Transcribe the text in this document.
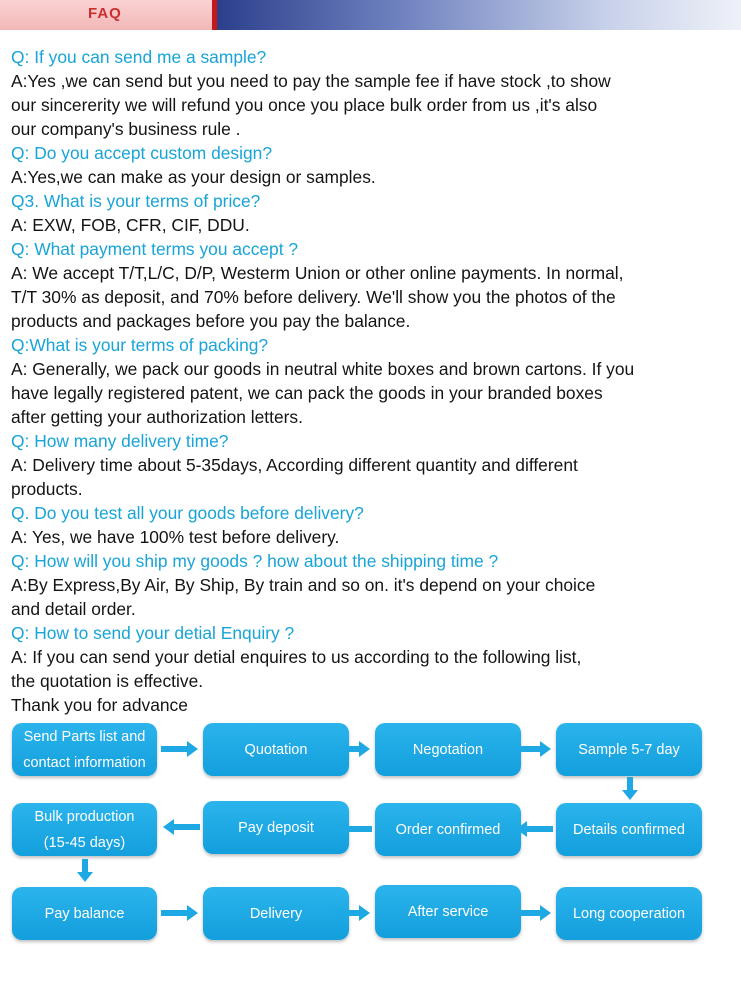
FAQ

Q: If you can send me a sample?

A:Yes ,we can send but you need to pay the sample fee if have stock ,to show

our sincererity we will refund you once you place bulk order from us ,it's also

our company's business rule .

Q: Do you accept custom design?

A:Yes,we can make as your design or samples.

Q3. What is your terms of price?

A: EXW, FOB, CFR, CIF, DDU.

Q: What payment terms you accept ?

A: We accept T/T,L/C, D/P, Westerm Union or other online payments. In normal,

T/T 30% as deposit, and 70% before delivery. We'll show you the photos of the

products and packages before you pay the balance.

Q:What is your terms of packing?

A: Generally, we pack our goods in neutral white boxes and brown cartons. If you

have legally registered patent, we can pack the goods in your branded boxes

after getting your authorization letters.

Q: How many delivery time?

A: Delivery time about 5-35days, According different quantity and different

products.

Q. Do you test all your goods before delivery?

A: Yes, we have 100% test before delivery.

Q: How will you ship my goods ? how about the shipping time ?

A:By Express,By Air, By Ship, By train and so on. it's depend on your choice

and detail order.

Q: How to send your detial Enquiry ?

A: If you can send your detial enquires to us according to the following list,

the quotation is effective.

Thank you for advance

Send Parts list and
contact information
Quotation	Negotation	Sample 5-7 day
Bulk production
(15-45 days)
Pay deposit	Order confirmed	Details confirmed
Pay balance	Delivery	After service	Long cooperation
